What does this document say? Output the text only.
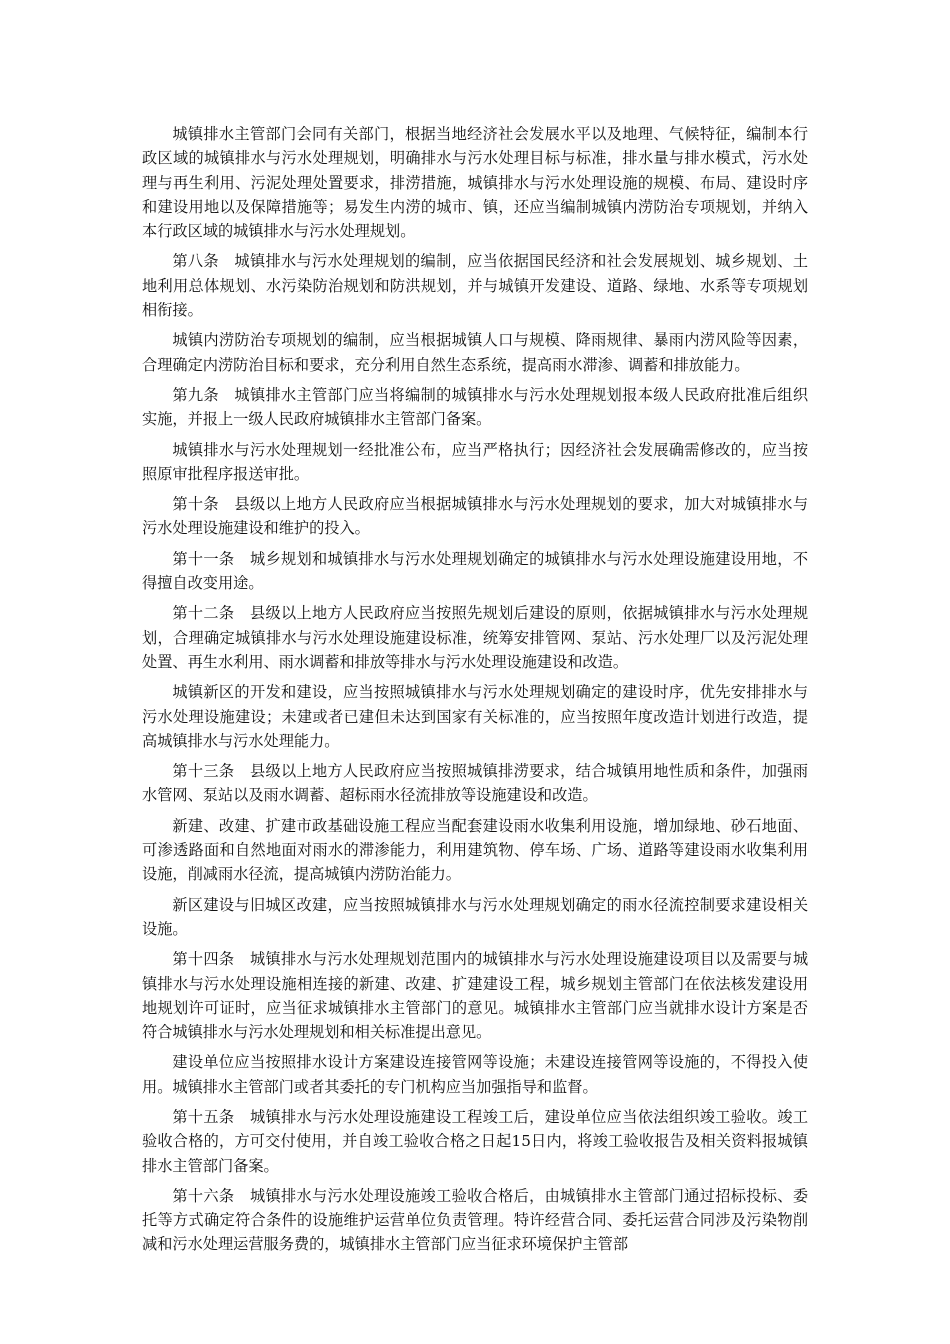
城镇排水主管部门会同有关部门，根据当地经济社会发展水平以及地理、气候特征，编制本行政区域的城镇排水与污水处理规划，明确排水与污水处理目标与标准，排水量与排水模式，污水处理与再生利用、污泥处理处置要求，排涝措施，城镇排水与污水处理设施的规模、布局、建设时序和建设用地以及保障措施等；易发生内涝的城市、镇，还应当编制城镇内涝防治专项规划，并纳入本行政区域的城镇排水与污水处理规划。

第八条　城镇排水与污水处理规划的编制，应当依据国民经济和社会发展规划、城乡规划、土地利用总体规划、水污染防治规划和防洪规划，并与城镇开发建设、道路、绿地、水系等专项规划相衔接。

城镇内涝防治专项规划的编制，应当根据城镇人口与规模、降雨规律、暴雨内涝风险等因素，合理确定内涝防治目标和要求，充分利用自然生态系统，提高雨水滞渗、调蓄和排放能力。

第九条　城镇排水主管部门应当将编制的城镇排水与污水处理规划报本级人民政府批准后组织实施，并报上一级人民政府城镇排水主管部门备案。

城镇排水与污水处理规划一经批准公布，应当严格执行；因经济社会发展确需修改的，应当按照原审批程序报送审批。

第十条　县级以上地方人民政府应当根据城镇排水与污水处理规划的要求，加大对城镇排水与污水处理设施建设和维护的投入。

第十一条　城乡规划和城镇排水与污水处理规划确定的城镇排水与污水处理设施建设用地，不得擅自改变用途。

第十二条　县级以上地方人民政府应当按照先规划后建设的原则，依据城镇排水与污水处理规划，合理确定城镇排水与污水处理设施建设标准，统筹安排管网、泵站、污水处理厂以及污泥处理处置、再生水利用、雨水调蓄和排放等排水与污水处理设施建设和改造。

城镇新区的开发和建设，应当按照城镇排水与污水处理规划确定的建设时序，优先安排排水与污水处理设施建设；未建或者已建但未达到国家有关标准的，应当按照年度改造计划进行改造，提高城镇排水与污水处理能力。

第十三条　县级以上地方人民政府应当按照城镇排涝要求，结合城镇用地性质和条件，加强雨水管网、泵站以及雨水调蓄、超标雨水径流排放等设施建设和改造。

新建、改建、扩建市政基础设施工程应当配套建设雨水收集利用设施，增加绿地、砂石地面、可渗透路面和自然地面对雨水的滞渗能力，利用建筑物、停车场、广场、道路等建设雨水收集利用设施，削减雨水径流，提高城镇内涝防治能力。

新区建设与旧城区改建，应当按照城镇排水与污水处理规划确定的雨水径流控制要求建设相关设施。

第十四条　城镇排水与污水处理规划范围内的城镇排水与污水处理设施建设项目以及需要与城镇排水与污水处理设施相连接的新建、改建、扩建建设工程，城乡规划主管部门在依法核发建设用地规划许可证时，应当征求城镇排水主管部门的意见。城镇排水主管部门应当就排水设计方案是否符合城镇排水与污水处理规划和相关标准提出意见。

建设单位应当按照排水设计方案建设连接管网等设施；未建设连接管网等设施的，不得投入使用。城镇排水主管部门或者其委托的专门机构应当加强指导和监督。

第十五条　城镇排水与污水处理设施建设工程竣工后，建设单位应当依法组织竣工验收。竣工验收合格的，方可交付使用，并自竣工验收合格之日起15日内，将竣工验收报告及相关资料报城镇排水主管部门备案。

第十六条　城镇排水与污水处理设施竣工验收合格后，由城镇排水主管部门通过招标投标、委托等方式确定符合条件的设施维护运营单位负责管理。特许经营合同、委托运营合同涉及污染物削减和污水处理运营服务费的，城镇排水主管部门应当征求环境保护主管部
